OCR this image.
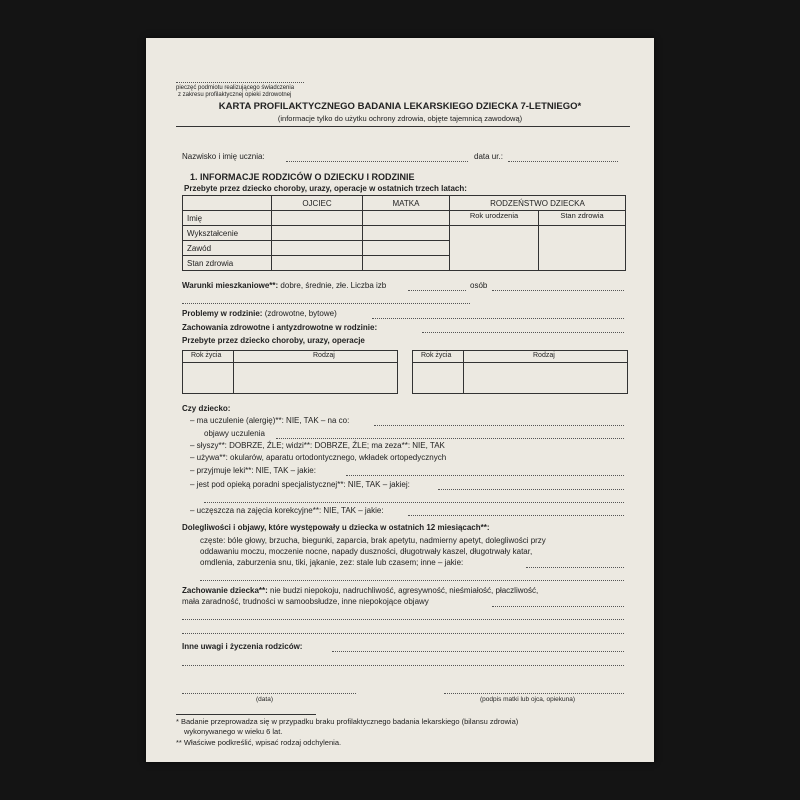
pieczęć podmiotu realizującego świadczenia
z zakresu profilaktycznej opieki zdrowotnej
KARTA PROFILAKTYCZNEGO BADANIA LEKARSKIEGO DZIECKA 7-LETNIEGO*
(informacje tylko do użytku ochrony zdrowia, objęte tajemnicą zawodową)
Nazwisko i imię ucznia:	data ur.:
1. INFORMACJE RODZICÓW O DZIECKU I RODZINIE
Przebyte przez dziecko choroby, urazy, operacje w ostatnich trzech latach:
	OJCIEC	MATKA	RODZEŃSTWO DZIECKA	
Imię			Rok urodzenia	Stan zdrowia
Wykształcenie				
Zawód				
Stan zdrowia				
Warunki mieszkaniowe**: dobre, średnie, złe. Liczba izb	osób
Problemy w rodzinie: (zdrowotne, bytowe)
Zachowania zdrowotne i antyzdrowotne w rodzinie:
Przebyte przez dziecko choroby, urazy, operacje
Rok życia	Rodzaj	Rok życia	Rodzaj
Czy dziecko:
– ma uczulenie (alergię)**: NIE, TAK – na co:
objawy uczulenia
– słyszy**: DOBRZE, ŹLE; widzi**: DOBRZE, ŹLE; ma zeza**: NIE, TAK
– używa**: okularów, aparatu ortodontycznego, wkładek ortopedycznych
– przyjmuje leki**: NIE, TAK – jakie:
– jest pod opieką poradni specjalistycznej**: NIE, TAK – jakiej:
– uczęszcza na zajęcia korekcyjne**: NIE, TAK – jakie:
Dolegliwości i objawy, które występowały u dziecka w ostatnich 12 miesiącach**:
częste: bóle głowy, brzucha, biegunki, zaparcia, brak apetytu, nadmierny apetyt, dolegliwości przy
oddawaniu moczu, moczenie nocne, napady duszności, długotrwały kaszel, długotrwały katar,
omdlenia, zaburzenia snu, tiki, jąkanie, zez: stale lub czasem; inne – jakie:
Zachowanie dziecka**: nie budzi niepokoju, nadruchliwość, agresywność, nieśmiałość, płaczliwość,
mała zaradność, trudności w samoobsłudze, inne niepokojące objawy
Inne uwagi i życzenia rodziców:
(data)	(podpis matki lub ojca, opiekuna)
* Badanie przeprowadza się w przypadku braku profilaktycznego badania lekarskiego (bilansu zdrowia)
wykonywanego w wieku 6 lat.
** Właściwe podkreślić, wpisać rodzaj odchylenia.
